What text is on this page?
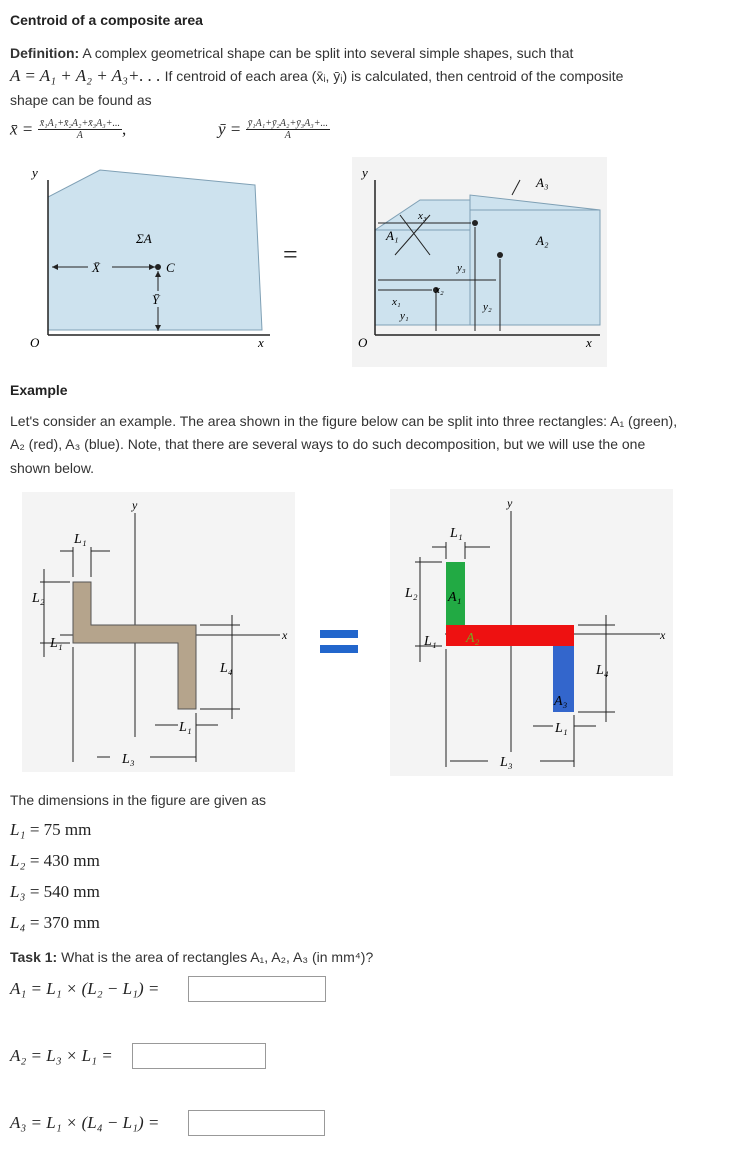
Centroid of a composite area
Definition: A complex geometrical shape can be split into several simple shapes, such that
A = A₁ + A₂ + A₃+. . . If centroid of each area (x̄ᵢ, ȳᵢ) is calculated, then centroid of the composite
shape can be found as
x̄ = $\frac{\text{x̄₁A₁+x̄₂A₂+x̄₃A₃+...}}{A}$ ,	ȳ = $\frac{\text{ȳ₁A₁+ȳ₂A₂+ȳ₃A₃+...}}{A}$
y
O	x
ΣA
X̄	C
Ȳ
=
y
O	x
A₁	A₂
A₃
x₁
y₁
x₂
y₂
x₃
y₃
Example
Let's consider an example. The area shown in the figure below can be split into three rectangles: A₁ (green),
A₂ (red), A₃ (blue). Note, that there are several ways to do such decomposition, but we will use the one
shown below.
y
x
L₁
L₂
L₁
L₄
L₁
L₃
y
x
A₁
A₂
A₃
L₁
L₂
L₁
L₄
L₁
L₃
The dimensions in the figure are given as
L₁ = 75 mm
L₂ = 430 mm
L₃ = 540 mm
L₄ = 370 mm
Task 1: What is the area of rectangles A₁, A₂, A₃ (in mm⁴)?
A₁ = L₁ × (L₂ − L₁) =
A₂ = L₃ × L₁ =
A₃ = L₁ × (L₄ − L₁) =
